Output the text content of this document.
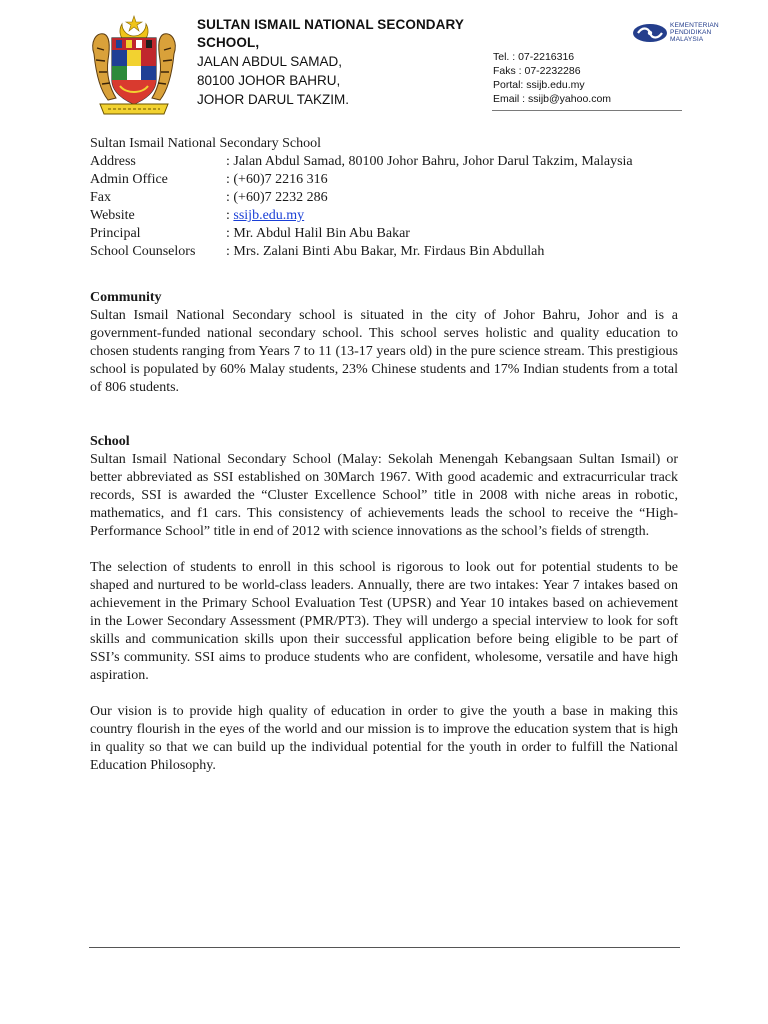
SULTAN ISMAIL NATIONAL SECONDARY
SCHOOL,
JALAN ABDUL SAMAD,
80100 JOHOR BAHRU,
JOHOR DARUL TAKZIM.
KEMENTERIAN
PENDIDIKAN
MALAYSIA
Tel. : 07-2216316
Faks : 07-2232286
Portal: ssijb.edu.my
Email : ssijb@yahoo.com
Sultan Ismail National Secondary School
Address	: Jalan Abdul Samad, 80100 Johor Bahru, Johor Darul Takzim, Malaysia
Admin Office	: (+60)7 2216 316
Fax	: (+60)7 2232 286
Website	: ssijb.edu.my
Principal	: Mr. Abdul Halil Bin Abu Bakar
School Counselors	: Mrs. Zalani Binti Abu Bakar, Mr. Firdaus Bin Abdullah
Community

Sultan Ismail National Secondary school is situated in the city of Johor Bahru, Johor and is a government-funded national secondary school. This school serves holistic and quality education to chosen students ranging from Years 7 to 11 (13-17 years old) in the pure science stream. This prestigious school is populated by 60% Malay students, 23% Chinese students and 17% Indian students from a total of 806 students.

School

Sultan Ismail National Secondary School (Malay: Sekolah Menengah Kebangsaan Sultan Ismail) or better abbreviated as SSI established on 30March 1967. With good academic and extracurricular track records, SSI is awarded the “Cluster Excellence School” title in 2008 with niche areas in robotic, mathematics, and f1 cars. This consistency of achievements leads the school to receive the “High-Performance School” title in end of 2012 with science innovations as the school’s fields of strength.

The selection of students to enroll in this school is rigorous to look out for potential students to be shaped and nurtured to be world-class leaders. Annually, there are two intakes: Year 7 intakes based on achievement in the Primary School Evaluation Test (UPSR) and Year 10 intakes based on achievement in the Lower Secondary Assessment (PMR/PT3). They will undergo a special interview to look for soft skills and communication skills upon their successful application before being eligible to be part of SSI’s community. SSI aims to produce students who are confident, wholesome, versatile and have high aspiration.

Our vision is to provide high quality of education in order to give the youth a base in making this country flourish in the eyes of the world and our mission is to improve the education system that is high in quality so that we can build up the individual potential for the youth in order to fulfill the National Education Philosophy.
